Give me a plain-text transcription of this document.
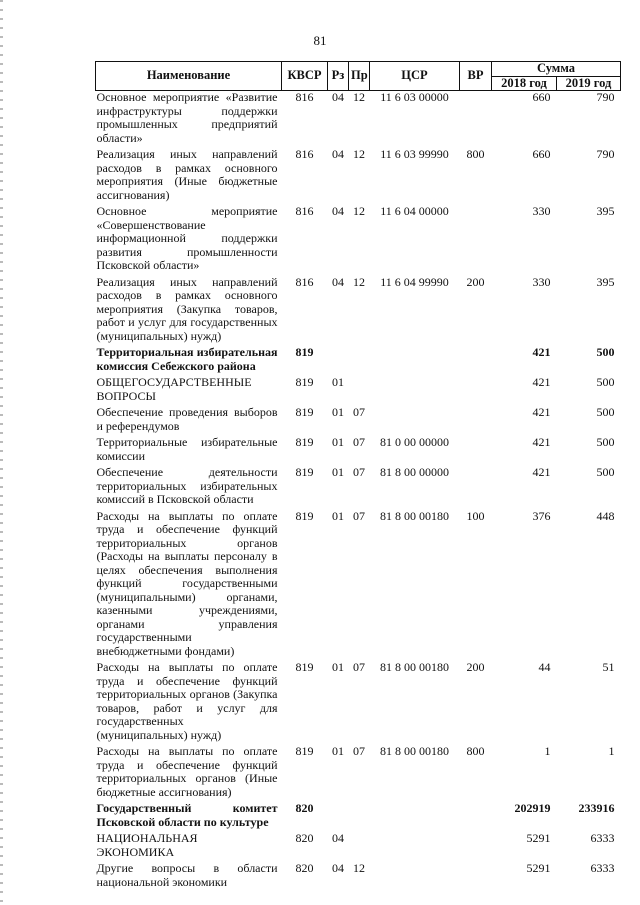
81
Наименование	КВСР	Рз	Пр	ЦСР	ВР	Сумма	
						2018 год	2019 год
Основное мероприятие «Развитие инфраструктуры поддержки промышленных предприятий области»	816	04	12	11 6 03 00000		660	790
Реализация иных направлений расходов в рамках основного мероприятия (Иные бюджетные ассигнования)	816	04	12	11 6 03 99990	800	660	790
Основное мероприятие «Совершенствование информационной поддержки развития промышленности Псковской области»	816	04	12	11 6 04 00000		330	395
Реализация иных направлений расходов в рамках основного мероприятия (Закупка товаров, работ и услуг для государственных (муниципальных) нужд)	816	04	12	11 6 04 99990	200	330	395
Территориальная избирательная комиссия Себежского района	819					421	500
ОБЩЕГОСУДАРСТВЕННЫЕ ВОПРОСЫ	819	01				421	500
Обеспечение проведения выборов и референдумов	819	01	07			421	500
Территориальные избирательные комиссии	819	01	07	81 0 00 00000		421	500
Обеспечение деятельности территориальных избирательных комиссий в Псковской области	819	01	07	81 8 00 00000		421	500
Расходы на выплаты по оплате труда и обеспечение функций территориальных органов (Расходы на выплаты персоналу в целях обеспечения выполнения функций государственными (муниципальными) органами, казенными учреждениями, органами управления государственными внебюджетными фондами)	819	01	07	81 8 00 00180	100	376	448
Расходы на выплаты по оплате труда и обеспечение функций территориальных органов (Закупка товаров, работ и услуг для государственных (муниципальных) нужд)	819	01	07	81 8 00 00180	200	44	51
Расходы на выплаты по оплате труда и обеспечение функций территориальных органов (Иные бюджетные ассигнования)	819	01	07	81 8 00 00180	800	1	1
Государственный комитет Псковской области по культуре	820					202919	233916
НАЦИОНАЛЬНАЯ ЭКОНОМИКА	820	04				5291	6333
Другие вопросы в области национальной экономики	820	04	12			5291	6333
